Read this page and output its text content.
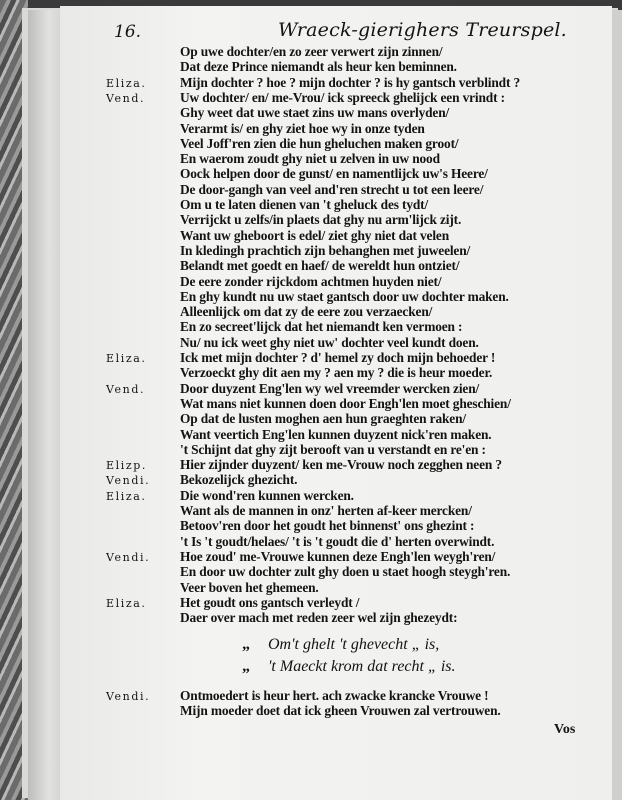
16.	Wraeck-gierighers Treurspel.
Op uwe dochter/en zo zeer verwert zijn zinnen/
Dat deze Prince niemandt als heur ken beminnen.
Eliza. Mijn dochter ? hoe ? mijn dochter ? is hy gantsch verblindt ?
Vend.	Uw dochter/ en/ me-Vrou/ ick spreeck ghelijck een vrindt :
Ghy weet dat uwe staet zins uw mans overlyden/
Verarmt is/ en ghy ziet hoe wy in onze tyden
Veel Joff'ren zien die hun gheluchen maken groot/
En waerom zoudt ghy niet u zelven in uw nood
Oock helpen door de gunst/ en namentlijck uw's Heere/
De door-gangh van veel and'ren strecht u tot een leere/
Om u te laten dienen van 't gheluck des tydt/
Verrijckt u zelfs/in plaets dat ghy nu arm'lijck zijt.
Want uw gheboort is edel/ ziet ghy niet dat velen
In kledingh prachtich zijn behanghen met juweelen/
Belandt met goedt en haef/ de wereldt hun ontziet/
De eere zonder rijckdom achtmen huyden niet/
En ghy kundt nu uw staet gantsch door uw dochter maken.
Alleenlijck om dat zy de eere zou verzaecken/
En zo secreet'lijck dat het niemandt ken vermoen :
Nu/ nu ick weet ghy niet uw' dochter veel kundt doen.
Eliza. Ick met mijn dochter ? d' hemel zy doch mijn behoeder !
Verzoeckt ghy dit aen my ? aen my ? die is heur moeder.
Vend.	Door duyzent Eng'len wy wel vreemder wercken zien/
Wat mans niet kunnen doen door Engh'len moet gheschien/
Op dat de lusten moghen aen hun graeghten raken/
Want veertich Eng'len kunnen duyzent nick'ren maken.
't Schijnt dat ghy zijt berooft van u verstandt en re'en :
Elizp. Hier zijnder duyzent/ ken me-Vrouw noch zegghen neen ?
Vendi. Bekozelijck ghezicht.
Eliza. Die wond'ren kunnen wercken.
Want als de mannen in onz' herten af-keer mercken/
Betoov'ren door het goudt het binnenst' ons ghezint :
't Is 't goudt/helaes/ 't is 't goudt die d' herten overwindt.
Vendi. Hoe zoud' me-Vrouwe kunnen deze Engh'len weygh'ren/
En door uw dochter zult ghy doen u staet hoogh steygh'ren.
Veer boven het ghemeen.
Eliza. Het goudt ons gantsch verleydt /
Daer over mach met reden zeer wel zijn ghezeydt:
„ Om't ghelt 't ghevecht „ is,
„ 't Maeckt krom dat recht „ is.
Vendi. Ontmoedert is heur hert. ach zwacke krancke Vrouwe !
Mijn moeder doet dat ick gheen Vrouwen zal vertrouwen.
Vos
